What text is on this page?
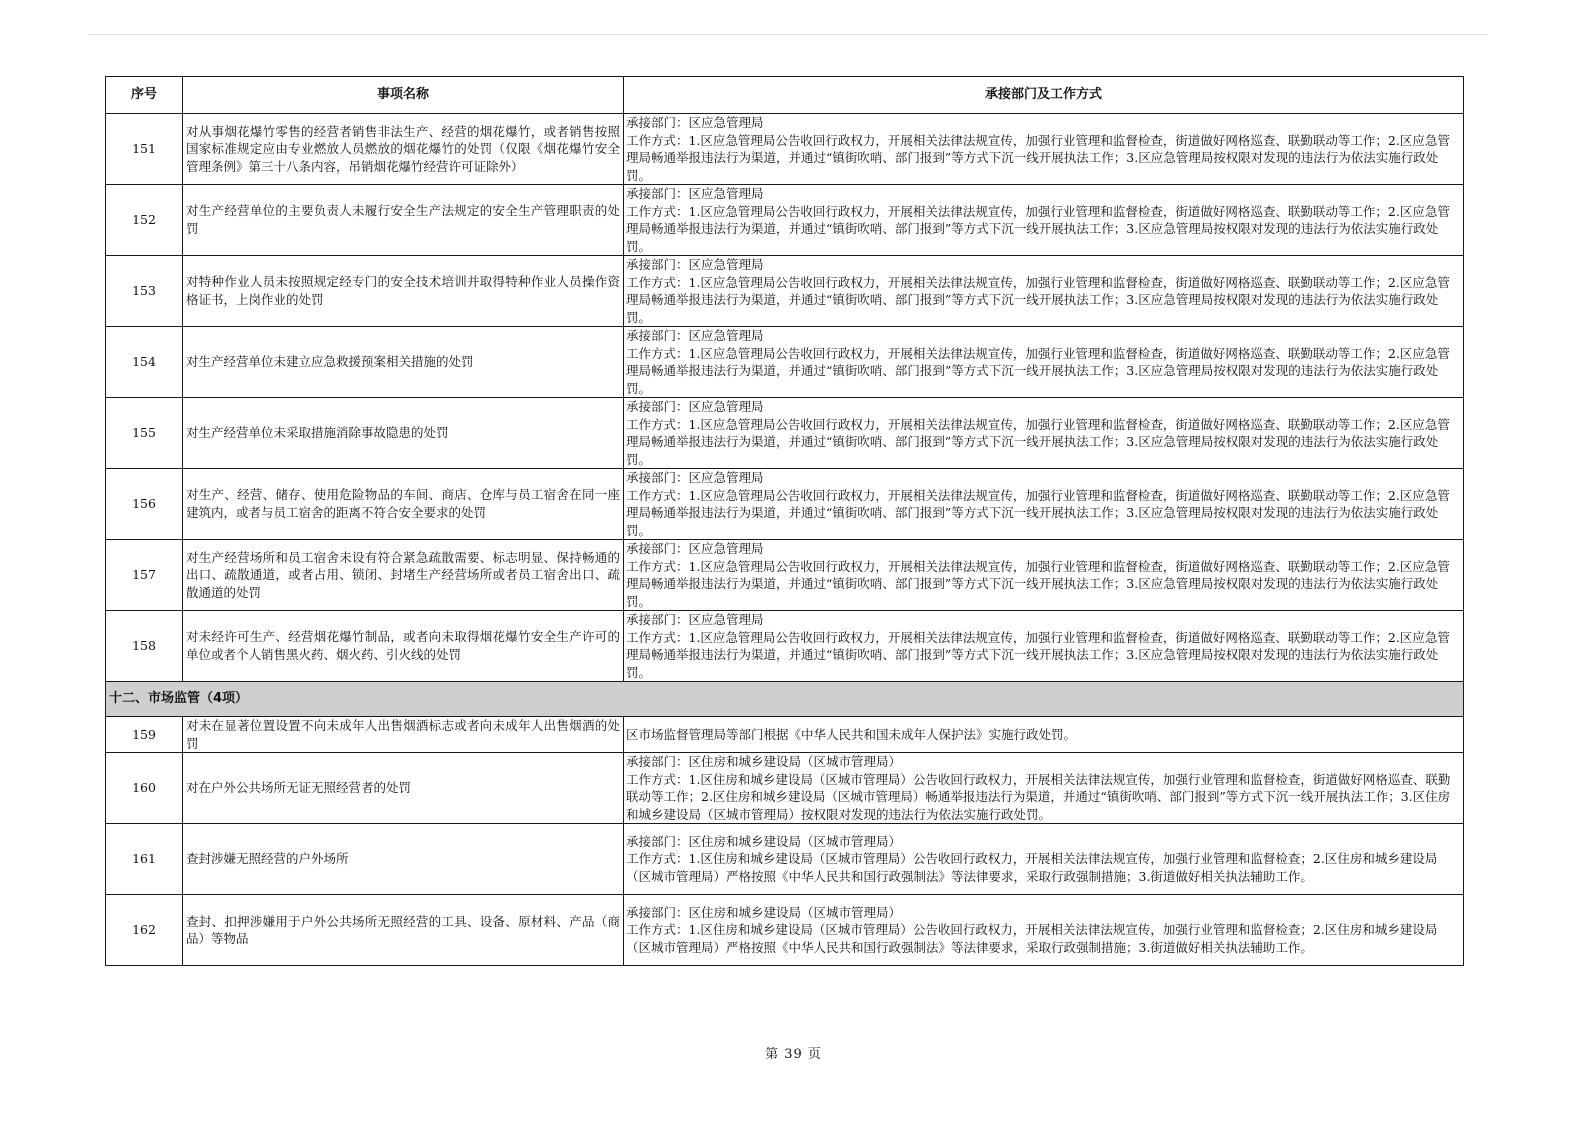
序号	事项名称	承接部门及工作方式
151	对从事烟花爆竹零售的经营者销售非法生产、经营的烟花爆竹，或者销售按照国家标准规定应由专业燃放人员燃放的烟花爆竹的处罚（仅限《烟花爆竹安全管理条例》第三十八条内容，吊销烟花爆竹经营许可证除外）	承接部门：区应急管理局
工作方式：1.区应急管理局公告收回行政权力，开展相关法律法规宣传，加强行业管理和监督检查，街道做好网格巡查、联勤联动等工作；2.区应急管理局畅通举报违法行为渠道，并通过“镇街吹哨、部门报到”等方式下沉一线开展执法工作；3.区应急管理局按权限对发现的违法行为依法实施行政处罚。

152	对生产经营单位的主要负责人未履行安全生产法规定的安全生产管理职责的处罚	承接部门：区应急管理局
工作方式：1.区应急管理局公告收回行政权力，开展相关法律法规宣传，加强行业管理和监督检查，街道做好网格巡查、联勤联动等工作；2.区应急管理局畅通举报违法行为渠道，并通过“镇街吹哨、部门报到”等方式下沉一线开展执法工作；3.区应急管理局按权限对发现的违法行为依法实施行政处罚。

153	对特种作业人员未按照规定经专门的安全技术培训并取得特种作业人员操作资格证书，上岗作业的处罚	承接部门：区应急管理局
工作方式：1.区应急管理局公告收回行政权力，开展相关法律法规宣传，加强行业管理和监督检查，街道做好网格巡查、联勤联动等工作；2.区应急管理局畅通举报违法行为渠道，并通过“镇街吹哨、部门报到”等方式下沉一线开展执法工作；3.区应急管理局按权限对发现的违法行为依法实施行政处罚。

154	对生产经营单位未建立应急救援预案相关措施的处罚	承接部门：区应急管理局
工作方式：1.区应急管理局公告收回行政权力，开展相关法律法规宣传，加强行业管理和监督检查，街道做好网格巡查、联勤联动等工作；2.区应急管理局畅通举报违法行为渠道，并通过“镇街吹哨、部门报到”等方式下沉一线开展执法工作；3.区应急管理局按权限对发现的违法行为依法实施行政处罚。

155	对生产经营单位未采取措施消除事故隐患的处罚	承接部门：区应急管理局
工作方式：1.区应急管理局公告收回行政权力，开展相关法律法规宣传，加强行业管理和监督检查，街道做好网格巡查、联勤联动等工作；2.区应急管理局畅通举报违法行为渠道，并通过“镇街吹哨、部门报到”等方式下沉一线开展执法工作；3.区应急管理局按权限对发现的违法行为依法实施行政处罚。

156	对生产、经营、储存、使用危险物品的车间、商店、仓库与员工宿舍在同一座建筑内，或者与员工宿舍的距离不符合安全要求的处罚	承接部门：区应急管理局
工作方式：1.区应急管理局公告收回行政权力，开展相关法律法规宣传，加强行业管理和监督检查，街道做好网格巡查、联勤联动等工作；2.区应急管理局畅通举报违法行为渠道，并通过“镇街吹哨、部门报到”等方式下沉一线开展执法工作；3.区应急管理局按权限对发现的违法行为依法实施行政处罚。

157	对生产经营场所和员工宿舍未设有符合紧急疏散需要、标志明显、保持畅通的出口、疏散通道，或者占用、锁闭、封堵生产经营场所或者员工宿舍出口、疏散通道的处罚	承接部门：区应急管理局
工作方式：1.区应急管理局公告收回行政权力，开展相关法律法规宣传，加强行业管理和监督检查，街道做好网格巡查、联勤联动等工作；2.区应急管理局畅通举报违法行为渠道，并通过“镇街吹哨、部门报到”等方式下沉一线开展执法工作；3.区应急管理局按权限对发现的违法行为依法实施行政处罚。

158	对未经许可生产、经营烟花爆竹制品，或者向未取得烟花爆竹安全生产许可的单位或者个人销售黑火药、烟火药、引火线的处罚	承接部门：区应急管理局
工作方式：1.区应急管理局公告收回行政权力，开展相关法律法规宣传，加强行业管理和监督检查，街道做好网格巡查、联勤联动等工作；2.区应急管理局畅通举报违法行为渠道，并通过“镇街吹哨、部门报到”等方式下沉一线开展执法工作；3.区应急管理局按权限对发现的违法行为依法实施行政处罚。

十二、市场监管（4项）		
159	对未在显著位置设置不向未成年人出售烟酒标志或者向未成年人出售烟酒的处罚	区市场监督管理局等部门根据《中华人民共和国未成年人保护法》实施行政处罚。
160	对在户外公共场所无证无照经营者的处罚	承接部门：区住房和城乡建设局（区城市管理局）
工作方式：1.区住房和城乡建设局（区城市管理局）公告收回行政权力，开展相关法律法规宣传，加强行业管理和监督检查，街道做好网格巡查、联勤联动等工作；2.区住房和城乡建设局（区城市管理局）畅通举报违法行为渠道，并通过“镇街吹哨、部门报到”等方式下沉一线开展执法工作；3.区住房和城乡建设局（区城市管理局）按权限对发现的违法行为依法实施行政处罚。

161	查封涉嫌无照经营的户外场所	承接部门：区住房和城乡建设局（区城市管理局）
工作方式：1.区住房和城乡建设局（区城市管理局）公告收回行政权力，开展相关法律法规宣传，加强行业管理和监督检查；2.区住房和城乡建设局（区城市管理局）严格按照《中华人民共和国行政强制法》等法律要求，采取行政强制措施；3.街道做好相关执法辅助工作。

162	查封、扣押涉嫌用于户外公共场所无照经营的工具、设备、原材料、产品（商品）等物品	承接部门：区住房和城乡建设局（区城市管理局）
工作方式：1.区住房和城乡建设局（区城市管理局）公告收回行政权力，开展相关法律法规宣传，加强行业管理和监督检查；2.区住房和城乡建设局（区城市管理局）严格按照《中华人民共和国行政强制法》等法律要求，采取行政强制措施；3.街道做好相关执法辅助工作。
第 39 页
